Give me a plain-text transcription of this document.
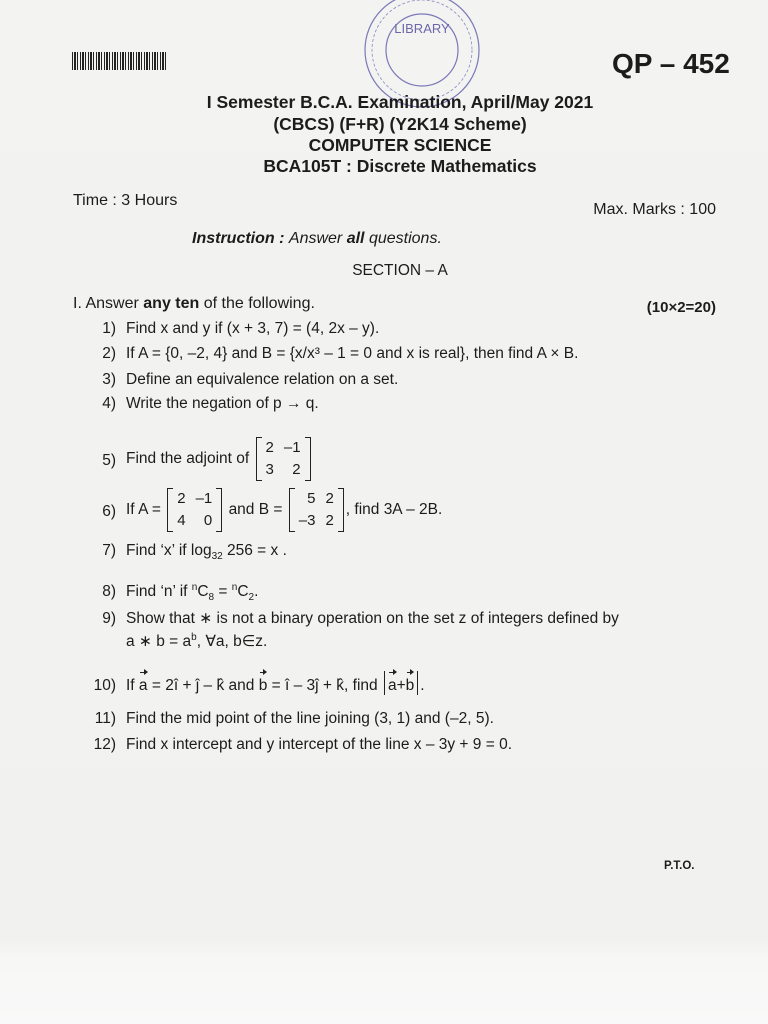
LIBRARY
QP – 452
I Semester B.C.A. Examination, April/May 2021
(CBCS) (F+R) (Y2K14 Scheme)
COMPUTER SCIENCE
BCA105T : Discrete Mathematics
Time : 3 Hours
Max. Marks : 100
Instruction : Answer all questions.
SECTION – A
I. Answer any ten of the following.	(10×2=20)
1) Find x and y if (x + 3, 7) = (4, 2x – y).
2) If A = {0, –2, 4} and B = {x/x³ – 1 = 0 and x is real}, then find A × B.
3) Define an equivalence relation on a set.
4) Write the negation of p → q.
5) Find the adjoint of
2	–1
3	2
6) If A =
2	–1
4	0
and B =
5	2
–3	2
, find 3A – 2B.
7) Find ‘x’ if $\log_{32} 256 = x$ .
8) Find ‘n’ if $^nC_8 = ^nC_2$.
9) Show that ∗ is not a binary operation on the set z of integers defined by
a ∗ $b = a^b$, ∀a, b∈z.
10) If a = 2î + ĵ – k̂ and b = î – 3ĵ + k̂, find a+b .
11) Find the mid point of the line joining (3, 1) and (–2, 5).
12) Find x intercept and y intercept of the line x – 3y + 9 = 0.
P.T.O.
